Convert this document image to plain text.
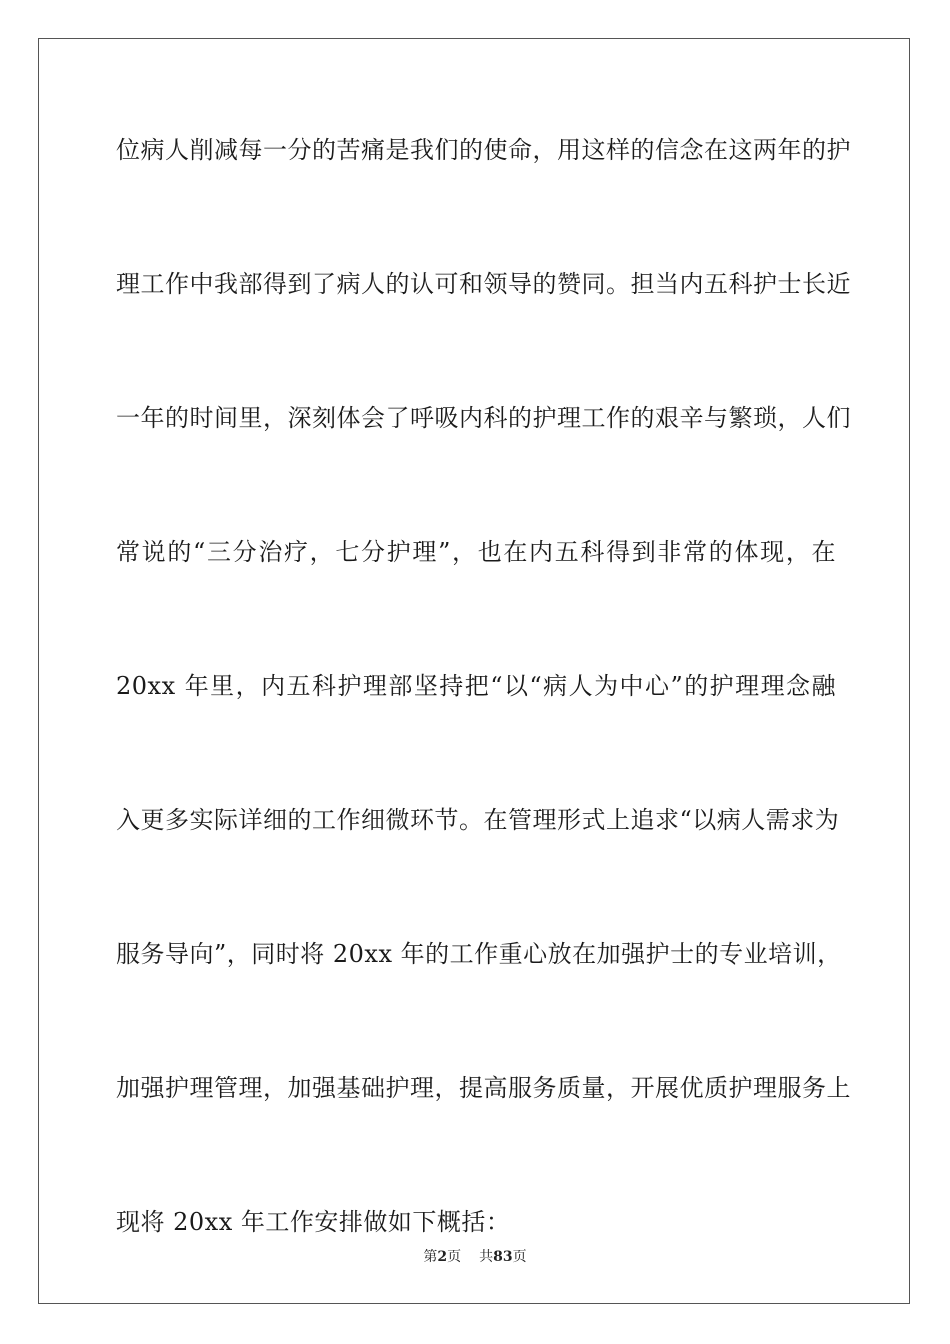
位病人削减每一分的苦痛是我们的使命，用这样的信念在这两年的护
理工作中我部得到了病人的认可和领导的赞同。担当内五科护士长近
一年的时间里，深刻体会了呼吸内科的护理工作的艰辛与繁琐，人们
常说的“三分治疗，七分护理”，也在内五科得到非常的体现，在
20xx 年里，内五科护理部坚持把“以“病人为中心”的护理理念融
入更多实际详细的工作细微环节。在管理形式上追求“以病人需求为
服务导向”，同时将 20xx 年的工作重心放在加强护士的专业培训，
加强护理管理，加强基础护理，提高服务质量，开展优质护理服务上
现将 20xx 年工作安排做如下概括：
第2页 共83页
